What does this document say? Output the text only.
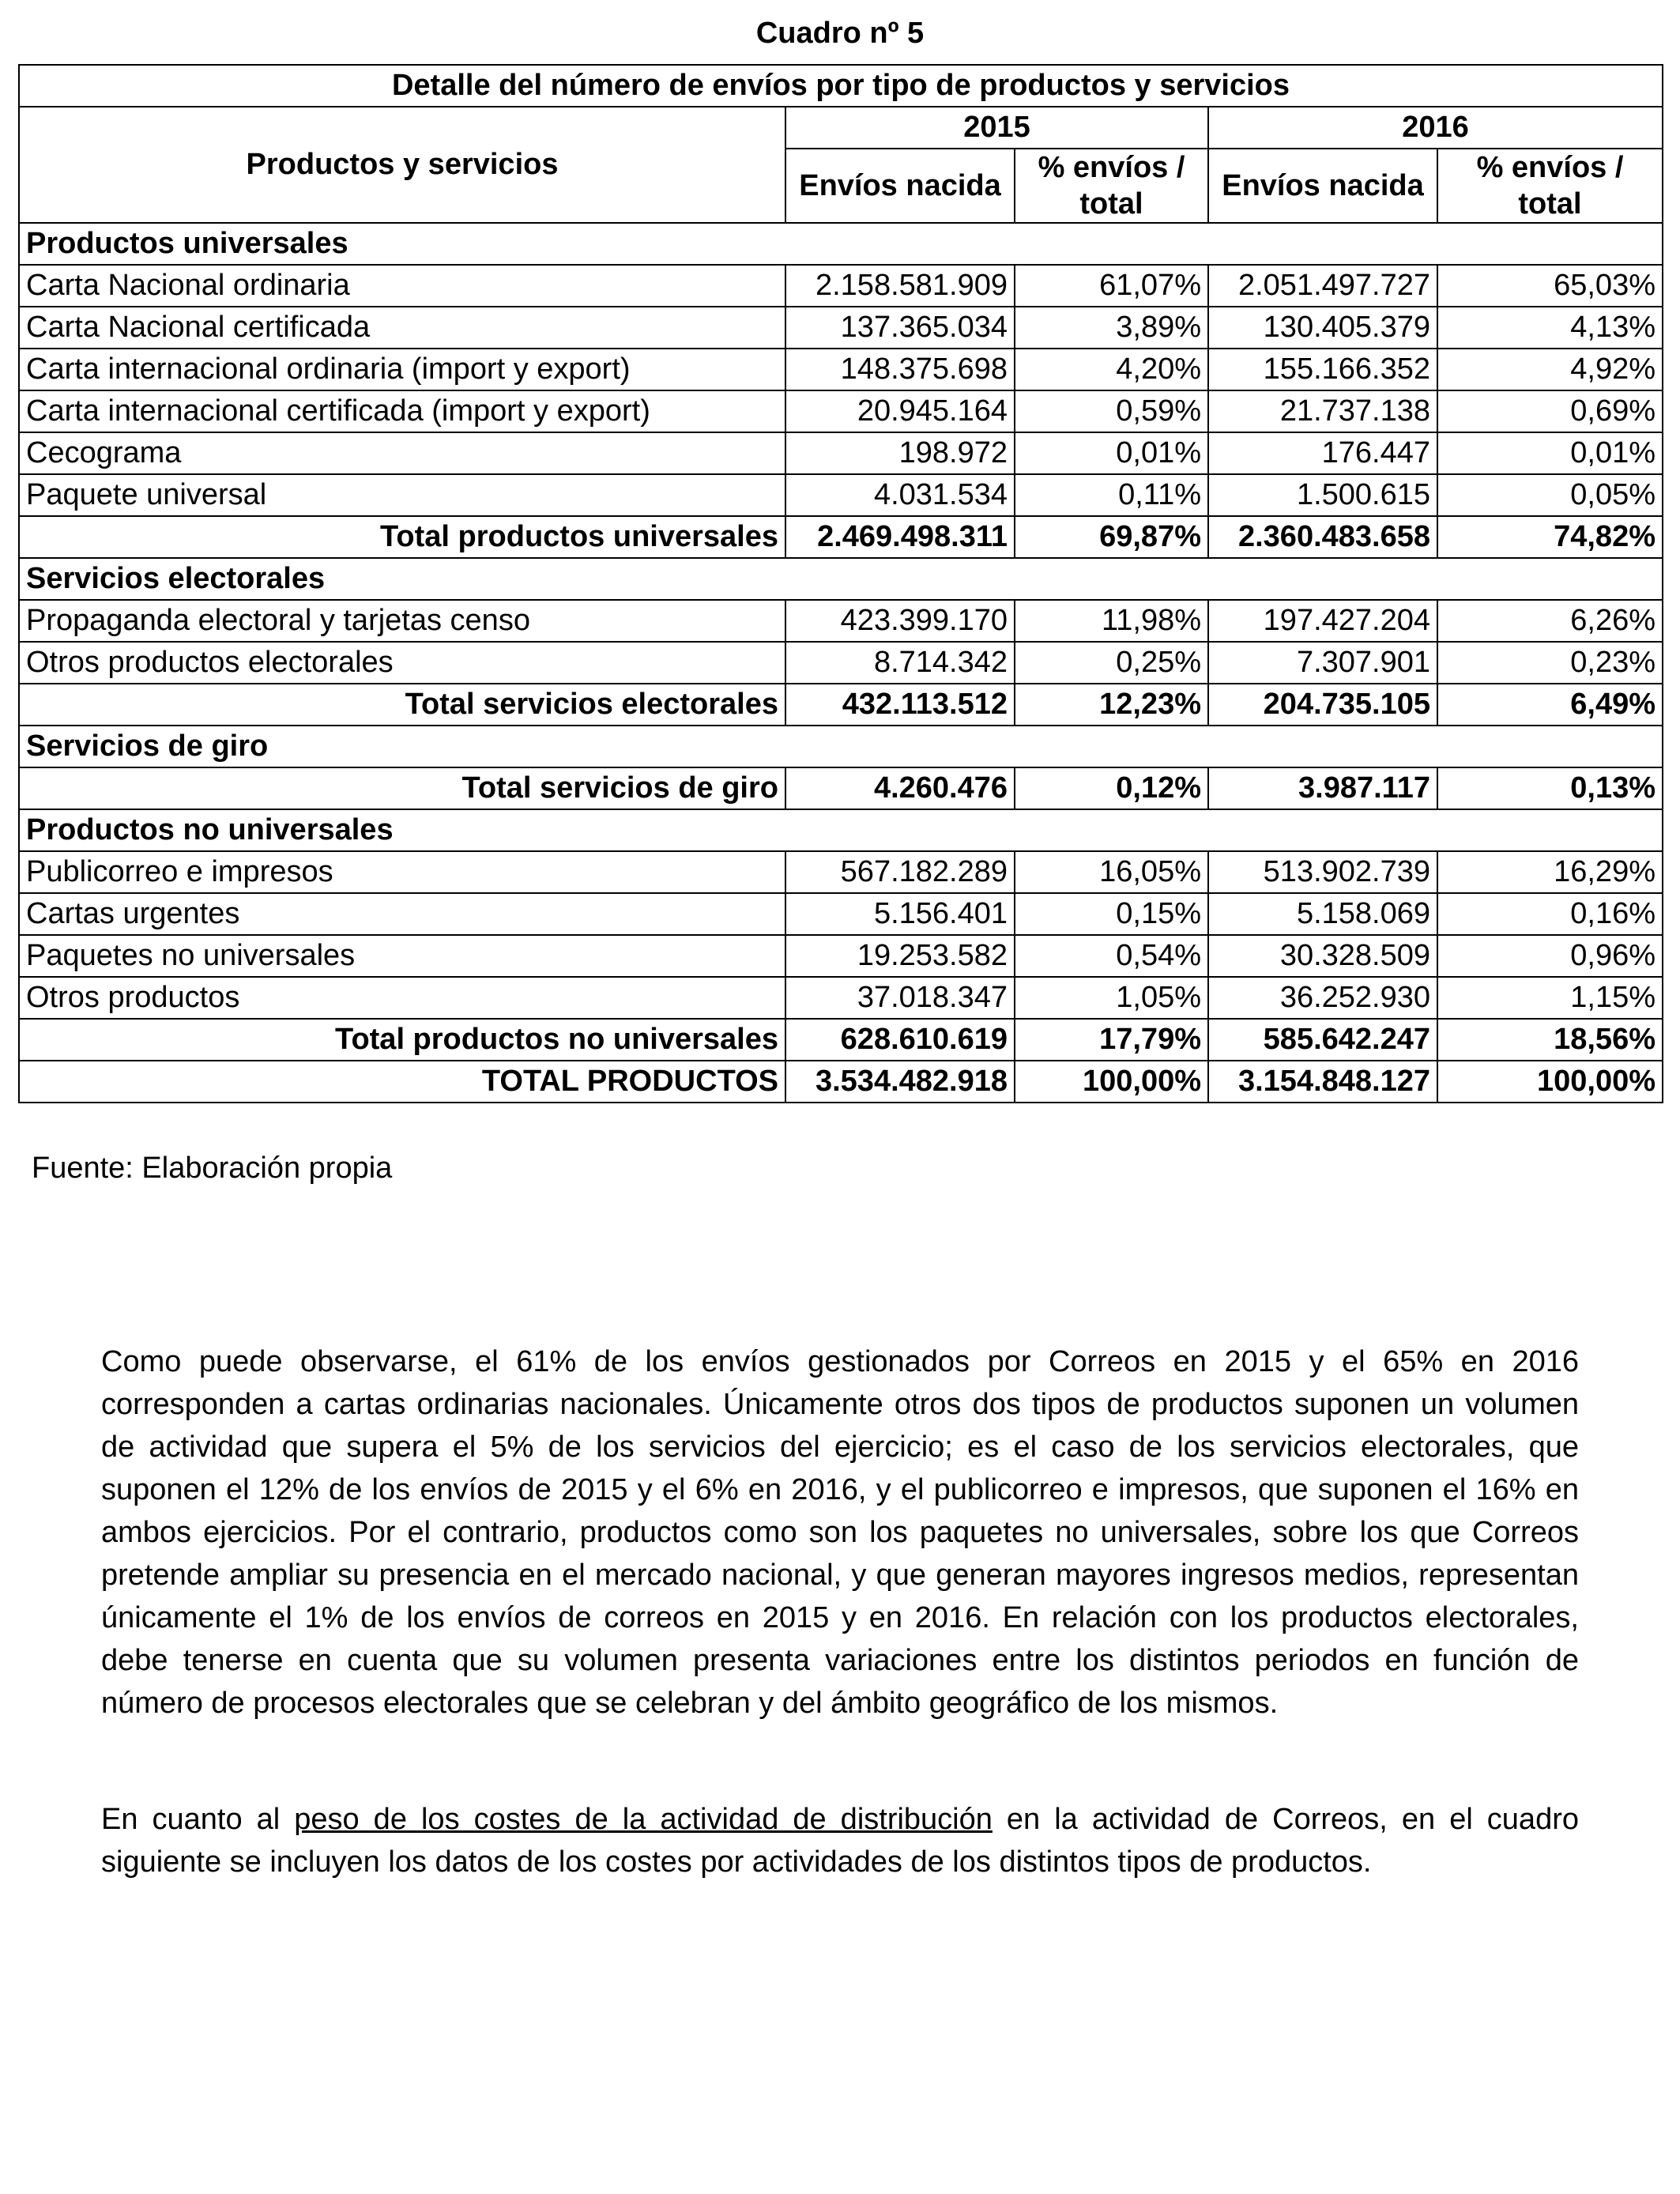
Cuadro nº 5
Detalle del número de envíos por tipo de productos y servicios				
Productos y servicios	2015		2016	
	Envíos nacida	% envíos / total	Envíos nacida	% envíos / total
Productos universales				
Carta Nacional ordinaria	2.158.581.909	61,07%	2.051.497.727	65,03%
Carta Nacional certificada	137.365.034	3,89%	130.405.379	4,13%
Carta internacional ordinaria (import y export)	148.375.698	4,20%	155.166.352	4,92%
Carta internacional certificada (import y export)	20.945.164	0,59%	21.737.138	0,69%
Cecograma	198.972	0,01%	176.447	0,01%
Paquete universal	4.031.534	0,11%	1.500.615	0,05%
Total productos universales	2.469.498.311	69,87%	2.360.483.658	74,82%
Servicios electorales				
Propaganda electoral y tarjetas censo	423.399.170	11,98%	197.427.204	6,26%
Otros productos electorales	8.714.342	0,25%	7.307.901	0,23%
Total servicios electorales	432.113.512	12,23%	204.735.105	6,49%
Servicios de giro				
Total servicios de giro	4.260.476	0,12%	3.987.117	0,13%
Productos no universales				
Publicorreo e impresos	567.182.289	16,05%	513.902.739	16,29%
Cartas urgentes	5.156.401	0,15%	5.158.069	0,16%
Paquetes no universales	19.253.582	0,54%	30.328.509	0,96%
Otros productos	37.018.347	1,05%	36.252.930	1,15%
Total productos no universales	628.610.619	17,79%	585.642.247	18,56%
TOTAL PRODUCTOS	3.534.482.918	100,00%	3.154.848.127	100,00%
Fuente: Elaboración propia

Como puede observarse, el 61% de los envíos gestionados por Correos en 2015 y el 65% en 2016 corresponden a cartas ordinarias nacionales. Únicamente otros dos tipos de productos suponen un volumen de actividad que supera el 5% de los servicios del ejercicio; es el caso de los servicios electorales, que suponen el 12% de los envíos de 2015 y el 6% en 2016, y el publicorreo e impresos, que suponen el 16% en ambos ejercicios. Por el contrario, productos como son los paquetes no universales, sobre los que Correos pretende ampliar su presencia en el mercado nacional, y que generan mayores ingresos medios, representan únicamente el 1% de los envíos de correos en 2015 y en 2016. En relación con los productos electorales, debe tenerse en cuenta que su volumen presenta variaciones entre los distintos periodos en función de número de procesos electorales que se celebran y del ámbito geográfico de los mismos.

En cuanto al peso de los costes de la actividad de distribución en la actividad de Correos, en el cuadro siguiente se incluyen los datos de los costes por actividades de los distintos tipos de productos.
